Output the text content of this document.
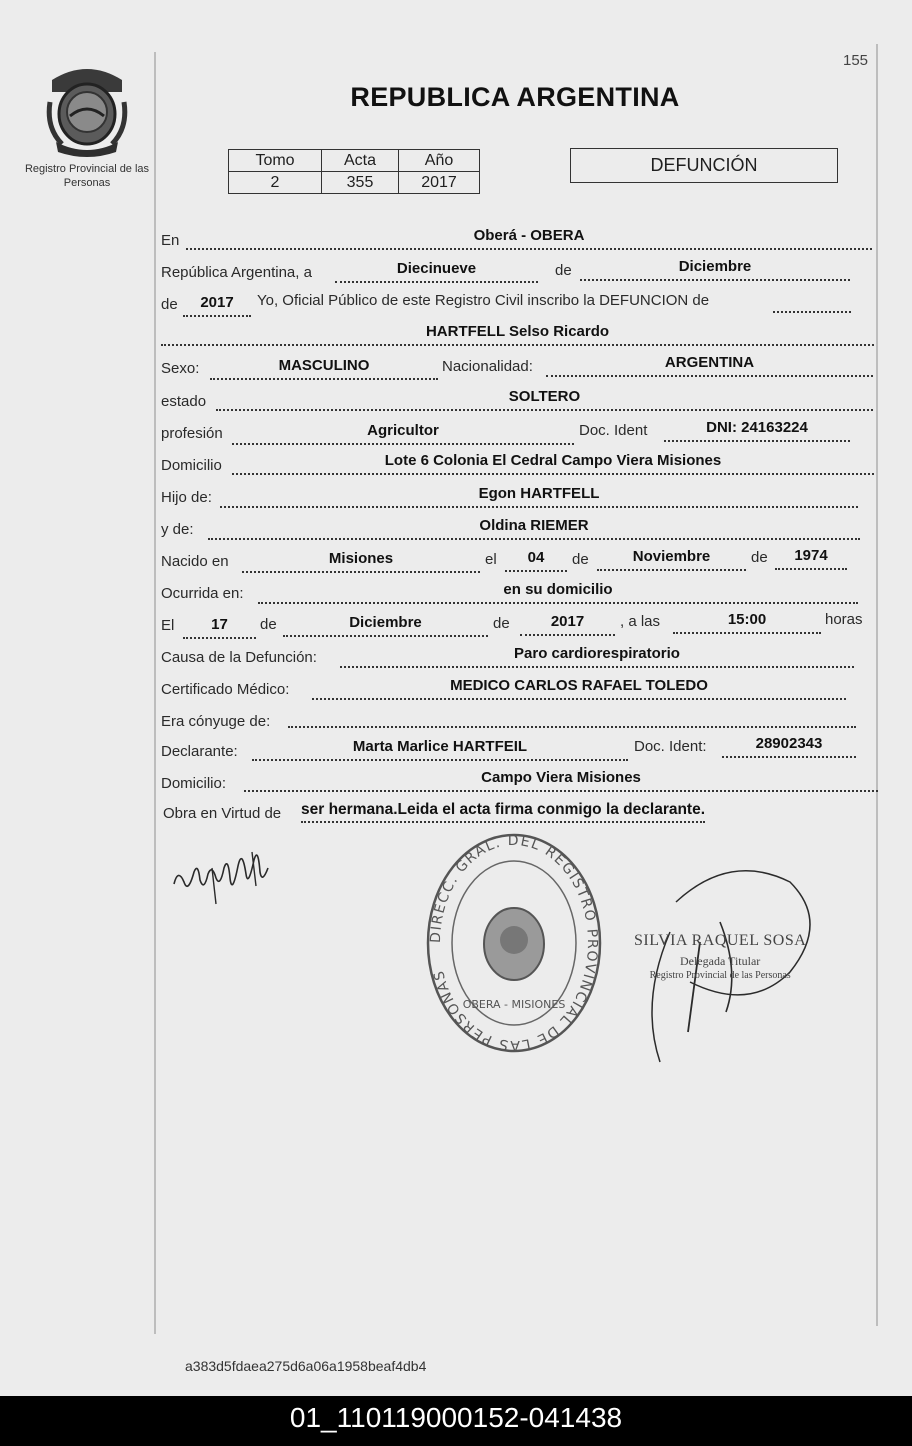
Registro Provincial de las Personas
155
REPUBLICA ARGENTINA
Tomo	Acta	Año
2	355	2017
DEFUNCIÓN
En	Oberá - OBERA
República Argentina, a	Diecinueve	de	Diciembre
de	2017	Yo, Oficial Público de este Registro Civil inscribo la DEFUNCION de
HARTFELL Selso Ricardo
Sexo:	MASCULINO	Nacionalidad:	ARGENTINA
estado	SOLTERO
profesión	Agricultor	Doc. Ident	DNI: 24163224
Domicilio	Lote 6 Colonia El Cedral Campo Viera Misiones
Hijo de:	Egon HARTFELL
y de:	Oldina RIEMER
Nacido en	Misiones	el	04	de	Noviembre	de	1974
Ocurrida en:	en su domicilio
El	17	de	Diciembre	de	2017	, a las	15:00	horas
Causa de la Defunción:	Paro cardiorespiratorio
Certificado Médico:	MEDICO CARLOS RAFAEL TOLEDO
Era cónyuge de:
Declarante:	Marta Marlice HARTFEIL	Doc. Ident:	28902343
Domicilio:	Campo Viera Misiones
Obra en Virtud de ser hermana.Leida el acta firma conmigo la declarante.
DIRECC. GRAL. DEL REGISTRO PROVINCIAL DE LAS PERSONAS
OBERA - MISIONES
SILVIA RAQUEL SOSA
Delegada Titular
Registro Provincial de las Personas
a383d5fdaea275d6a06a1958beaf4db4
01_110119000152-041438
